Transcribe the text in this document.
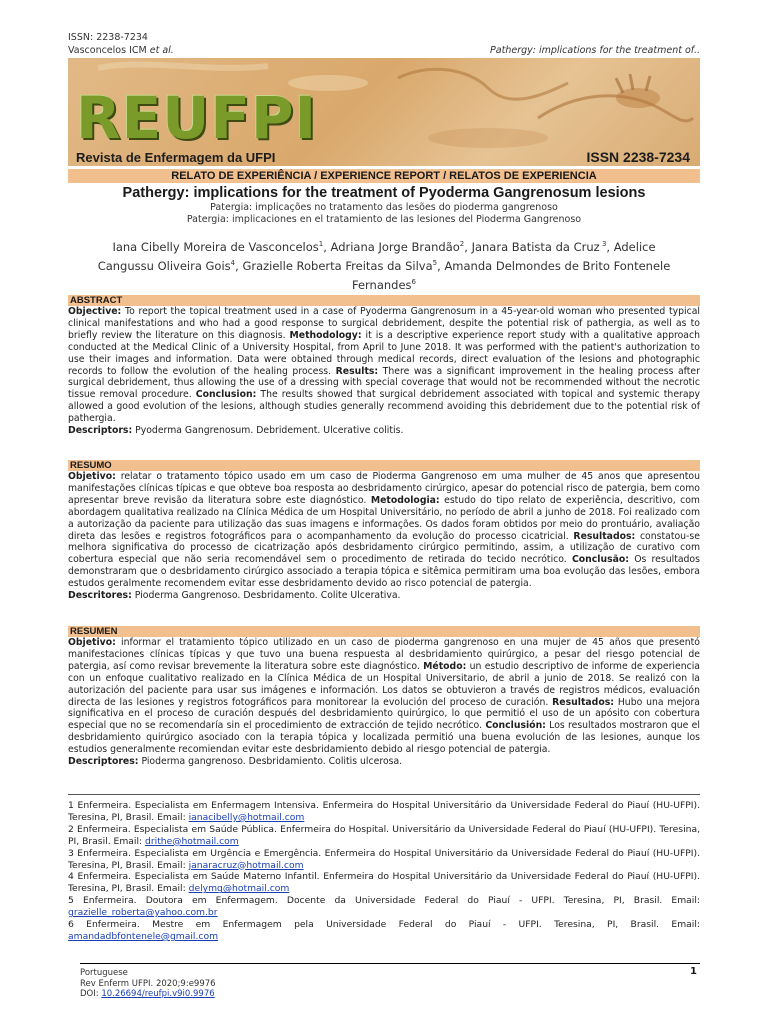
ISSN: 2238-7234
Vasconcelos ICM et al.	Pathergy: implications for the treatment of..
REUFPI
Revista de Enfermagem da UFPI	ISSN 2238-7234
RELATO DE EXPERIÊNCIA / EXPERIENCE REPORT / RELATOS DE EXPERIENCIA
Pathergy: implications for the treatment of Pyoderma Gangrenosum lesions
Patergia: implicações no tratamento das lesões do pioderma gangrenoso
Patergia: implicaciones en el tratamiento de las lesiones del Pioderma Gangrenoso
Iana Cibelly Moreira de Vasconcelos$^1$, Adriana Jorge Brandão$^2$, Janara Batista da Cruz $^3$, Adelice Cangussu Oliveira Gois$^4$, Grazielle Roberta Freitas da Silva$^5$, Amanda Delmondes de Brito Fontenele Fernandes$^6$
ABSTRACT
Objective: To report the topical treatment used in a case of Pyoderma Gangrenosum in a 45-year-old woman who presented typical clinical manifestations and who had a good response to surgical debridement, despite the potential risk of pathergia, as well as to briefly review the literature on this diagnosis. Methodology: it is a descriptive experience report study with a qualitative approach conducted at the Medical Clinic of a University Hospital, from April to June 2018. It was performed with the patient's authorization to use their images and information. Data were obtained through medical records, direct evaluation of the lesions and photographic records to follow the evolution of the healing process. Results: There was a significant improvement in the healing process after surgical debridement, thus allowing the use of a dressing with special coverage that would not be recommended without the necrotic tissue removal procedure. Conclusion: The results showed that surgical debridement associated with topical and systemic therapy allowed a good evolution of the lesions, although studies generally recommend avoiding this debridement due to the potential risk of pathergia.
Descriptors: Pyoderma Gangrenosum. Debridement. Ulcerative colitis.
RESUMO
Objetivo: relatar o tratamento tópico usado em um caso de Pioderma Gangrenoso em uma mulher de 45 anos que apresentou manifestações clínicas típicas e que obteve boa resposta ao desbridamento cirúrgico, apesar do potencial risco de patergia, bem como apresentar breve revisão da literatura sobre este diagnóstico. Metodologia: estudo do tipo relato de experiência, descritivo, com abordagem qualitativa realizado na Clínica Médica de um Hospital Universitário, no período de abril a junho de 2018. Foi realizado com a autorização da paciente para utilização das suas imagens e informações. Os dados foram obtidos por meio do prontuário, avaliação direta das lesões e registros fotográficos para o acompanhamento da evolução do processo cicatricial. Resultados: constatou-se melhora significativa do processo de cicatrização após desbridamento cirúrgico permitindo, assim, a utilização de curativo com cobertura especial que não seria recomendável sem o procedimento de retirada do tecido necrótico. Conclusão: Os resultados demonstraram que o desbridamento cirúrgico associado a terapia tópica e sitêmica permitiram uma boa evolução das lesões, embora estudos geralmente recomendem evitar esse desbridamento devido ao risco potencial de patergia.
Descritores: Pioderma Gangrenoso. Desbridamento. Colite Ulcerativa.
RESUMEN
Objetivo: informar el tratamiento tópico utilizado en un caso de pioderma gangrenoso en una mujer de 45 años que presentó manifestaciones clínicas típicas y que tuvo una buena respuesta al desbridamiento quirúrgico, a pesar del riesgo potencial de patergia, así como revisar brevemente la literatura sobre este diagnóstico. Método: un estudio descriptivo de informe de experiencia con un enfoque cualitativo realizado en la Clínica Médica de un Hospital Universitario, de abril a junio de 2018. Se realizó con la autorización del paciente para usar sus imágenes e información. Los datos se obtuvieron a través de registros médicos, evaluación directa de las lesiones y registros fotográficos para monitorear la evolución del proceso de curación. Resultados: Hubo una mejora significativa en el proceso de curación después del desbridamiento quirúrgico, lo que permitió el uso de un apósito con cobertura especial que no se recomendaría sin el procedimiento de extracción de tejido necrótico. Conclusión: Los resultados mostraron que el desbridamiento quirúrgico asociado con la terapia tópica y localizada permitió una buena evolución de las lesiones, aunque los estudios generalmente recomiendan evitar este desbridamiento debido al riesgo potencial de patergia.
Descriptores: Pioderma gangrenoso. Desbridamiento. Colitis ulcerosa.
1 Enfermeira. Especialista em Enfermagem Intensiva. Enfermeira do Hospital Universitário da Universidade Federal do Piauí (HU-UFPI). Teresina, PI, Brasil. Email: ianacibelly@hotmail.com
2 Enfermeira. Especialista em Saúde Pública. Enfermeira do Hospital. Universitário da Universidade Federal do Piauí (HU-UFPI). Teresina, PI, Brasil. Email: drithe@hotmail.com
3 Enfermeira. Especialista em Urgência e Emergência. Enfermeira do Hospital Universitário da Universidade Federal do Piauí (HU-UFPI). Teresina, PI, Brasil. Email: janaracruz@hotmail.com
4 Enfermeira. Especialista em Saúde Materno Infantil. Enfermeira do Hospital Universitário da Universidade Federal do Piauí (HU-UFPI). Teresina, PI, Brasil. Email: delymg@hotmail.com
5 Enfermeira. Doutora em Enfermagem. Docente da Universidade Federal do Piauí - UFPI. Teresina, PI, Brasil. Email: grazielle_roberta@yahoo.com.br
6 Enfermeira. Mestre em Enfermagem pela Universidade Federal do Piauí - UFPI. Teresina, PI, Brasil. Email: amandadbfontenele@gmail.com
Portuguese
Rev Enferm UFPI. 2020;9:e9976
DOI: 10.26694/reufpi.v9i0.9976
1
